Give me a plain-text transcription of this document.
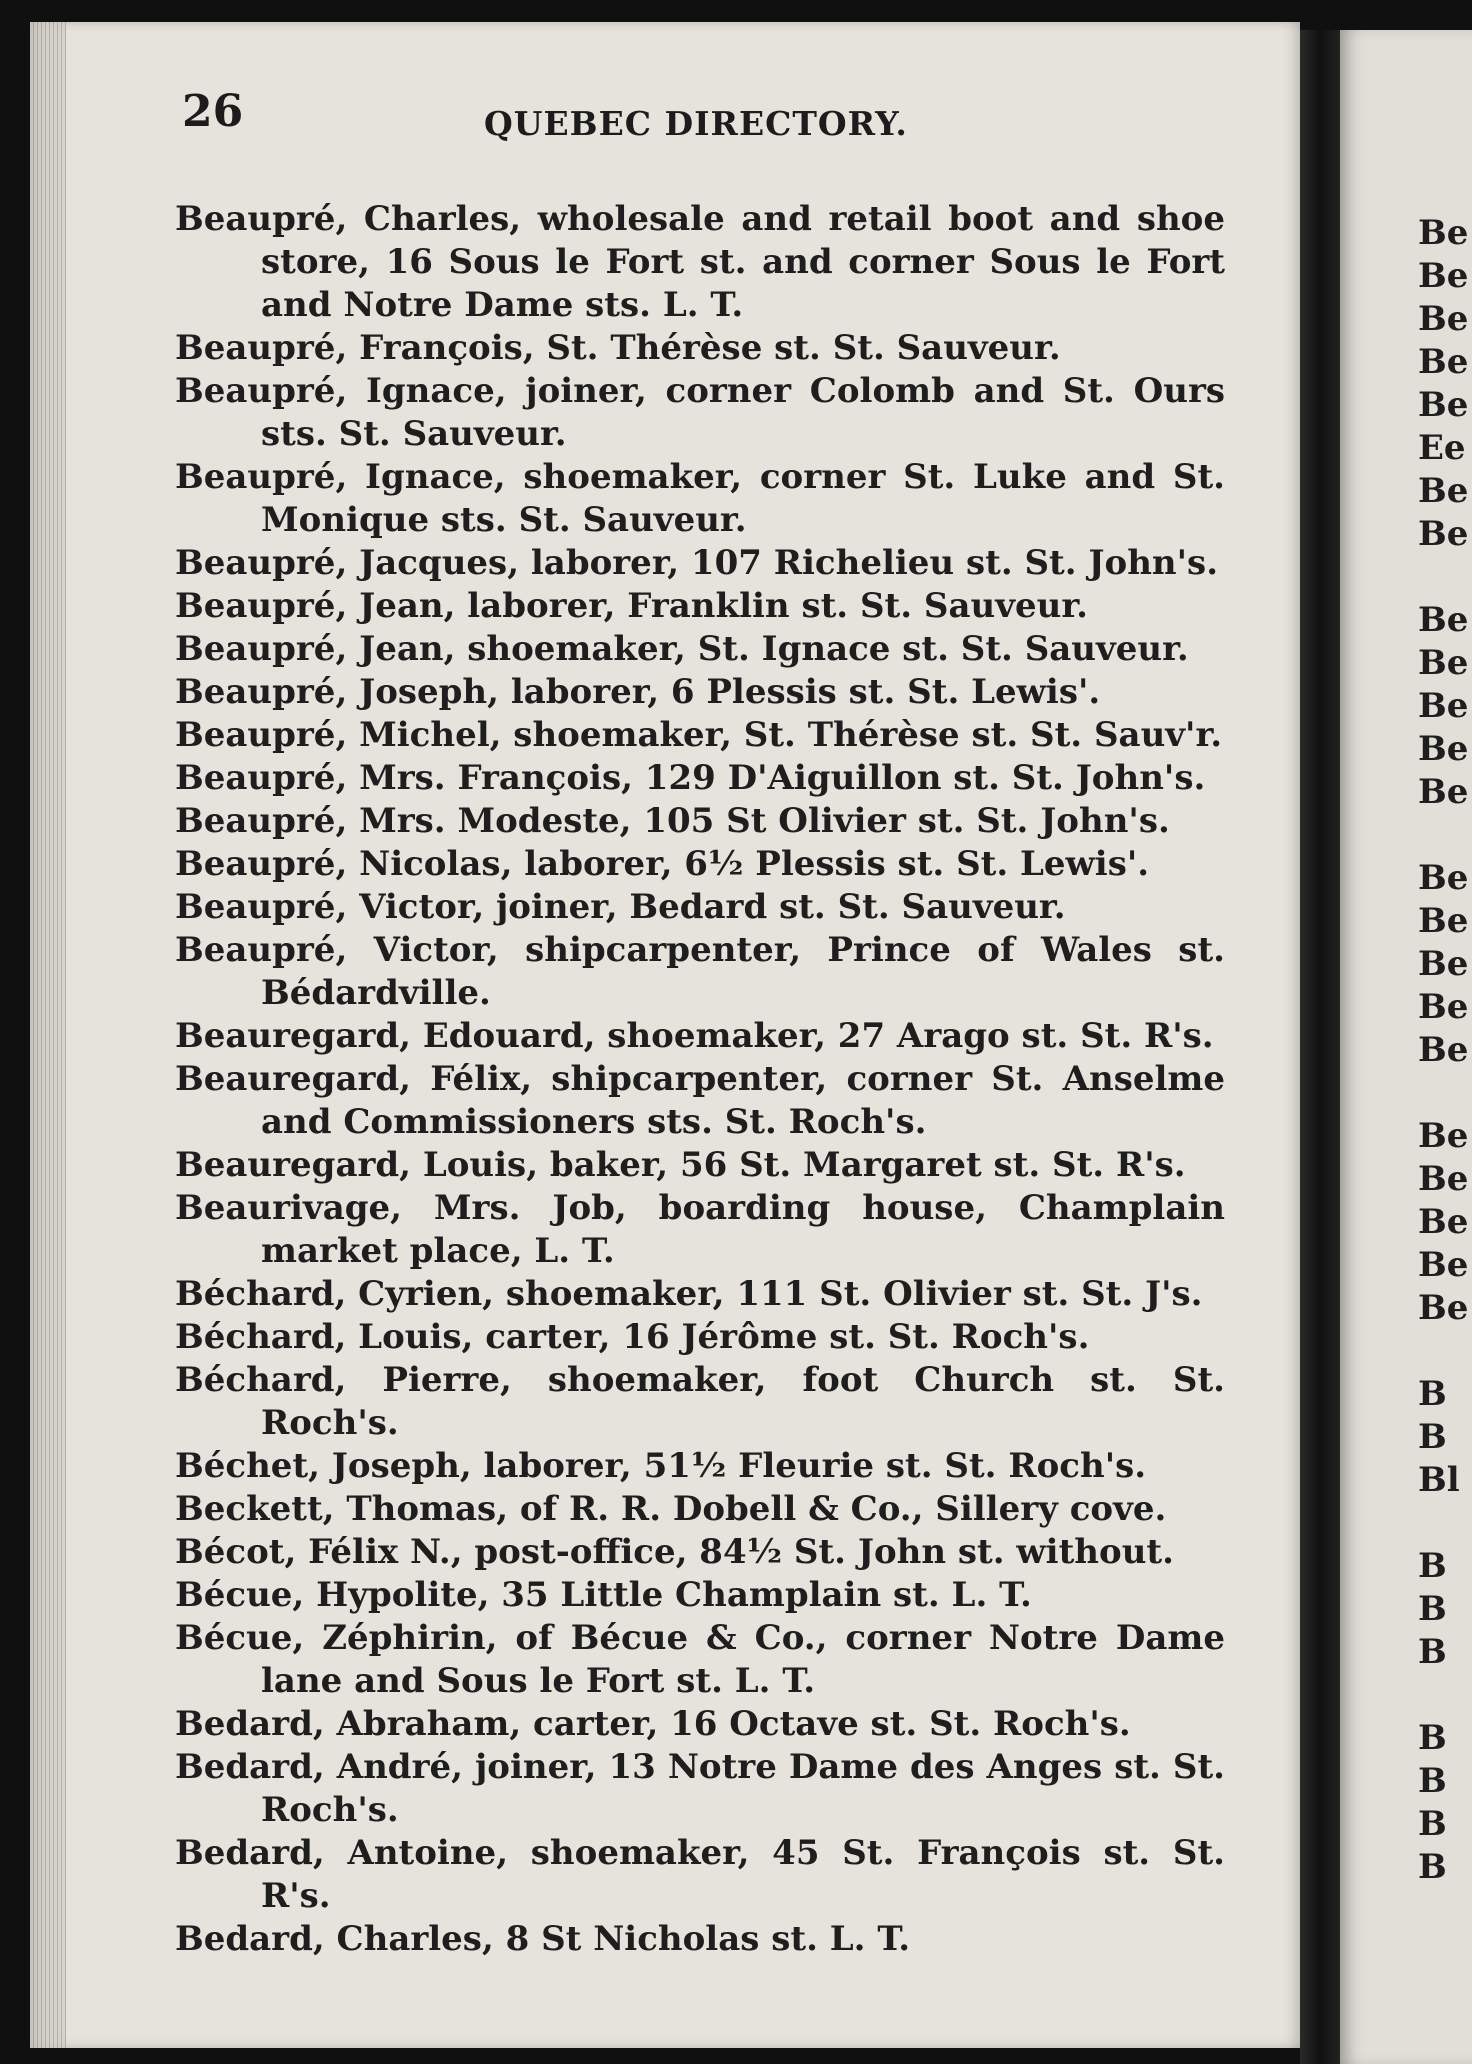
26	QUEBEC DIRECTORY.
Beaupré, Charles, wholesale and retail boot and shoe store, 16 Sous le Fort st. and corner Sous le Fort and Notre Dame sts. L. T.
Beaupré, François, St. Thérèse st. St. Sauveur.
Beaupré, Ignace, joiner, corner Colomb and St. Ours sts. St. Sauveur.
Beaupré, Ignace, shoemaker, corner St. Luke and St. Monique sts. St. Sauveur.
Beaupré, Jacques, laborer, 107 Richelieu st. St. John's.
Beaupré, Jean, laborer, Franklin st. St. Sauveur.
Beaupré, Jean, shoemaker, St. Ignace st. St. Sauveur.
Beaupré, Joseph, laborer, 6 Plessis st. St. Lewis'.
Beaupré, Michel, shoemaker, St. Thérèse st. St. Sauv'r.
Beaupré, Mrs. François, 129 D'Aiguillon st. St. John's.
Beaupré, Mrs. Modeste, 105 St Olivier st. St. John's.
Beaupré, Nicolas, laborer, 6½ Plessis st. St. Lewis'.
Beaupré, Victor, joiner, Bedard st. St. Sauveur.
Beaupré, Victor, shipcarpenter, Prince of Wales st. Bédardville.
Beauregard, Edouard, shoemaker, 27 Arago st. St. R's.
Beauregard, Félix, shipcarpenter, corner St. Anselme and Commissioners sts. St. Roch's.
Beauregard, Louis, baker, 56 St. Margaret st. St. R's.
Beaurivage, Mrs. Job, boarding house, Champlain market place, L. T.
Béchard, Cyrien, shoemaker, 111 St. Olivier st. St. J's.
Béchard, Louis, carter, 16 Jérôme st. St. Roch's.
Béchard, Pierre, shoemaker, foot Church st. St. Roch's.
Béchet, Joseph, laborer, 51½ Fleurie st. St. Roch's.
Beckett, Thomas, of R. R. Dobell & Co., Sillery cove.
Bécot, Félix N., post-office, 84½ St. John st. without.
Bécue, Hypolite, 35 Little Champlain st. L. T.
Bécue, Zéphirin, of Bécue & Co., corner Notre Dame lane and Sous le Fort st. L. T.
Bedard, Abraham, carter, 16 Octave st. St. Roch's.
Bedard, André, joiner, 13 Notre Dame des Anges st. St. Roch's.
Bedard, Antoine, shoemaker, 45 St. François st. St. R's.
Bedard, Charles, 8 St Nicholas st. L. T.
Be
Be
Be
Be
Be
Ee
Be
Be
Be
Be
Be
Be
Be
Be
Be
Be
Be
Be
Be
Be
Be
Be
Be
B
B
Bl
B
B
B
B
B
B
B
